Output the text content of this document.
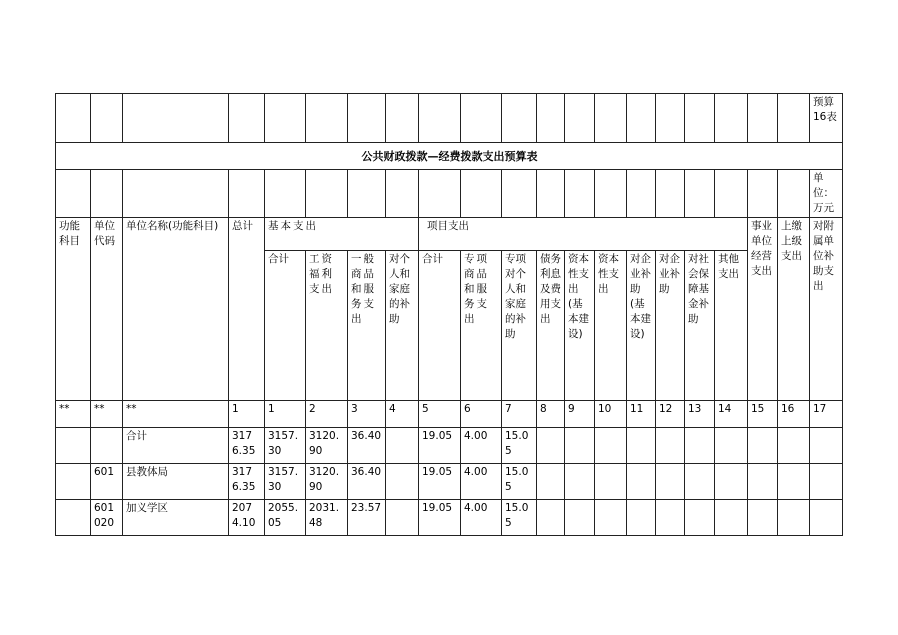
																				预算16表
公共财政拨款—经费拨款支出预算表																				
																				单位：万元
功能科目	单位代码	单位名称(功能科目)	总计	基本支出				项目支出										事业单位经营支出	上缴上级支出	对附属单位补助支出
				合计	工资福利支出	一般商品和服务支出	对个人和家庭的补助	合计	专项商品和服务支出	专项对个人和家庭的补助	债务利息及费用支出	资本性支出(基本建设)	资本性支出	对企业补助(基本建设)	对企业补助	对社会保障基金补助	其他支出			
**	**	**	1	1	2	3	4	5	6	7	8	9	10	11	12	13	14	15	16	17
		合计	3176.35	3157.30	3120.90	36.40		19.05	4.00	15.05										
	601	县教体局	3176.35	3157.30	3120.90	36.40		19.05	4.00	15.05										
	601020	加义学区	2074.10	2055.05	2031.48	23.57		19.05	4.00	15.05										
